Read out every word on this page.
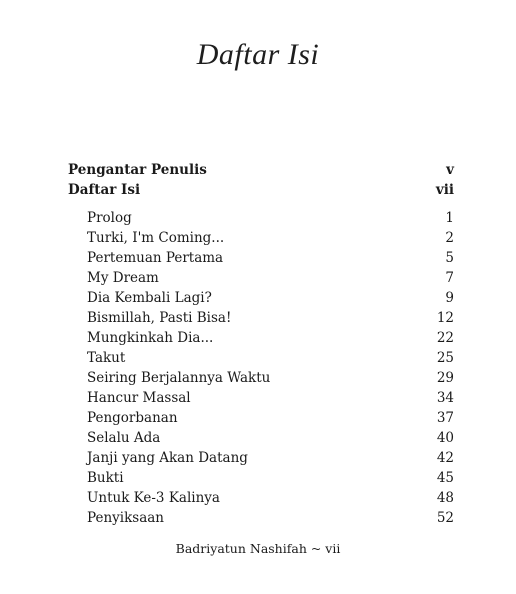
Daftar Isi
Pengantar Penulis	v
Daftar Isi	vii
Prolog	1
Turki, I'm Coming...	2
Pertemuan Pertama	5
My Dream	7
Dia Kembali Lagi?	9
Bismillah, Pasti Bisa!	12
Mungkinkah Dia...	22
Takut	25
Seiring Berjalannya Waktu	29
Hancur Massal	34
Pengorbanan	37
Selalu Ada	40
Janji yang Akan Datang	42
Bukti	45
Untuk Ke-3 Kalinya	48
Penyiksaan	52
Badriyatun Nashifah ~ vii
